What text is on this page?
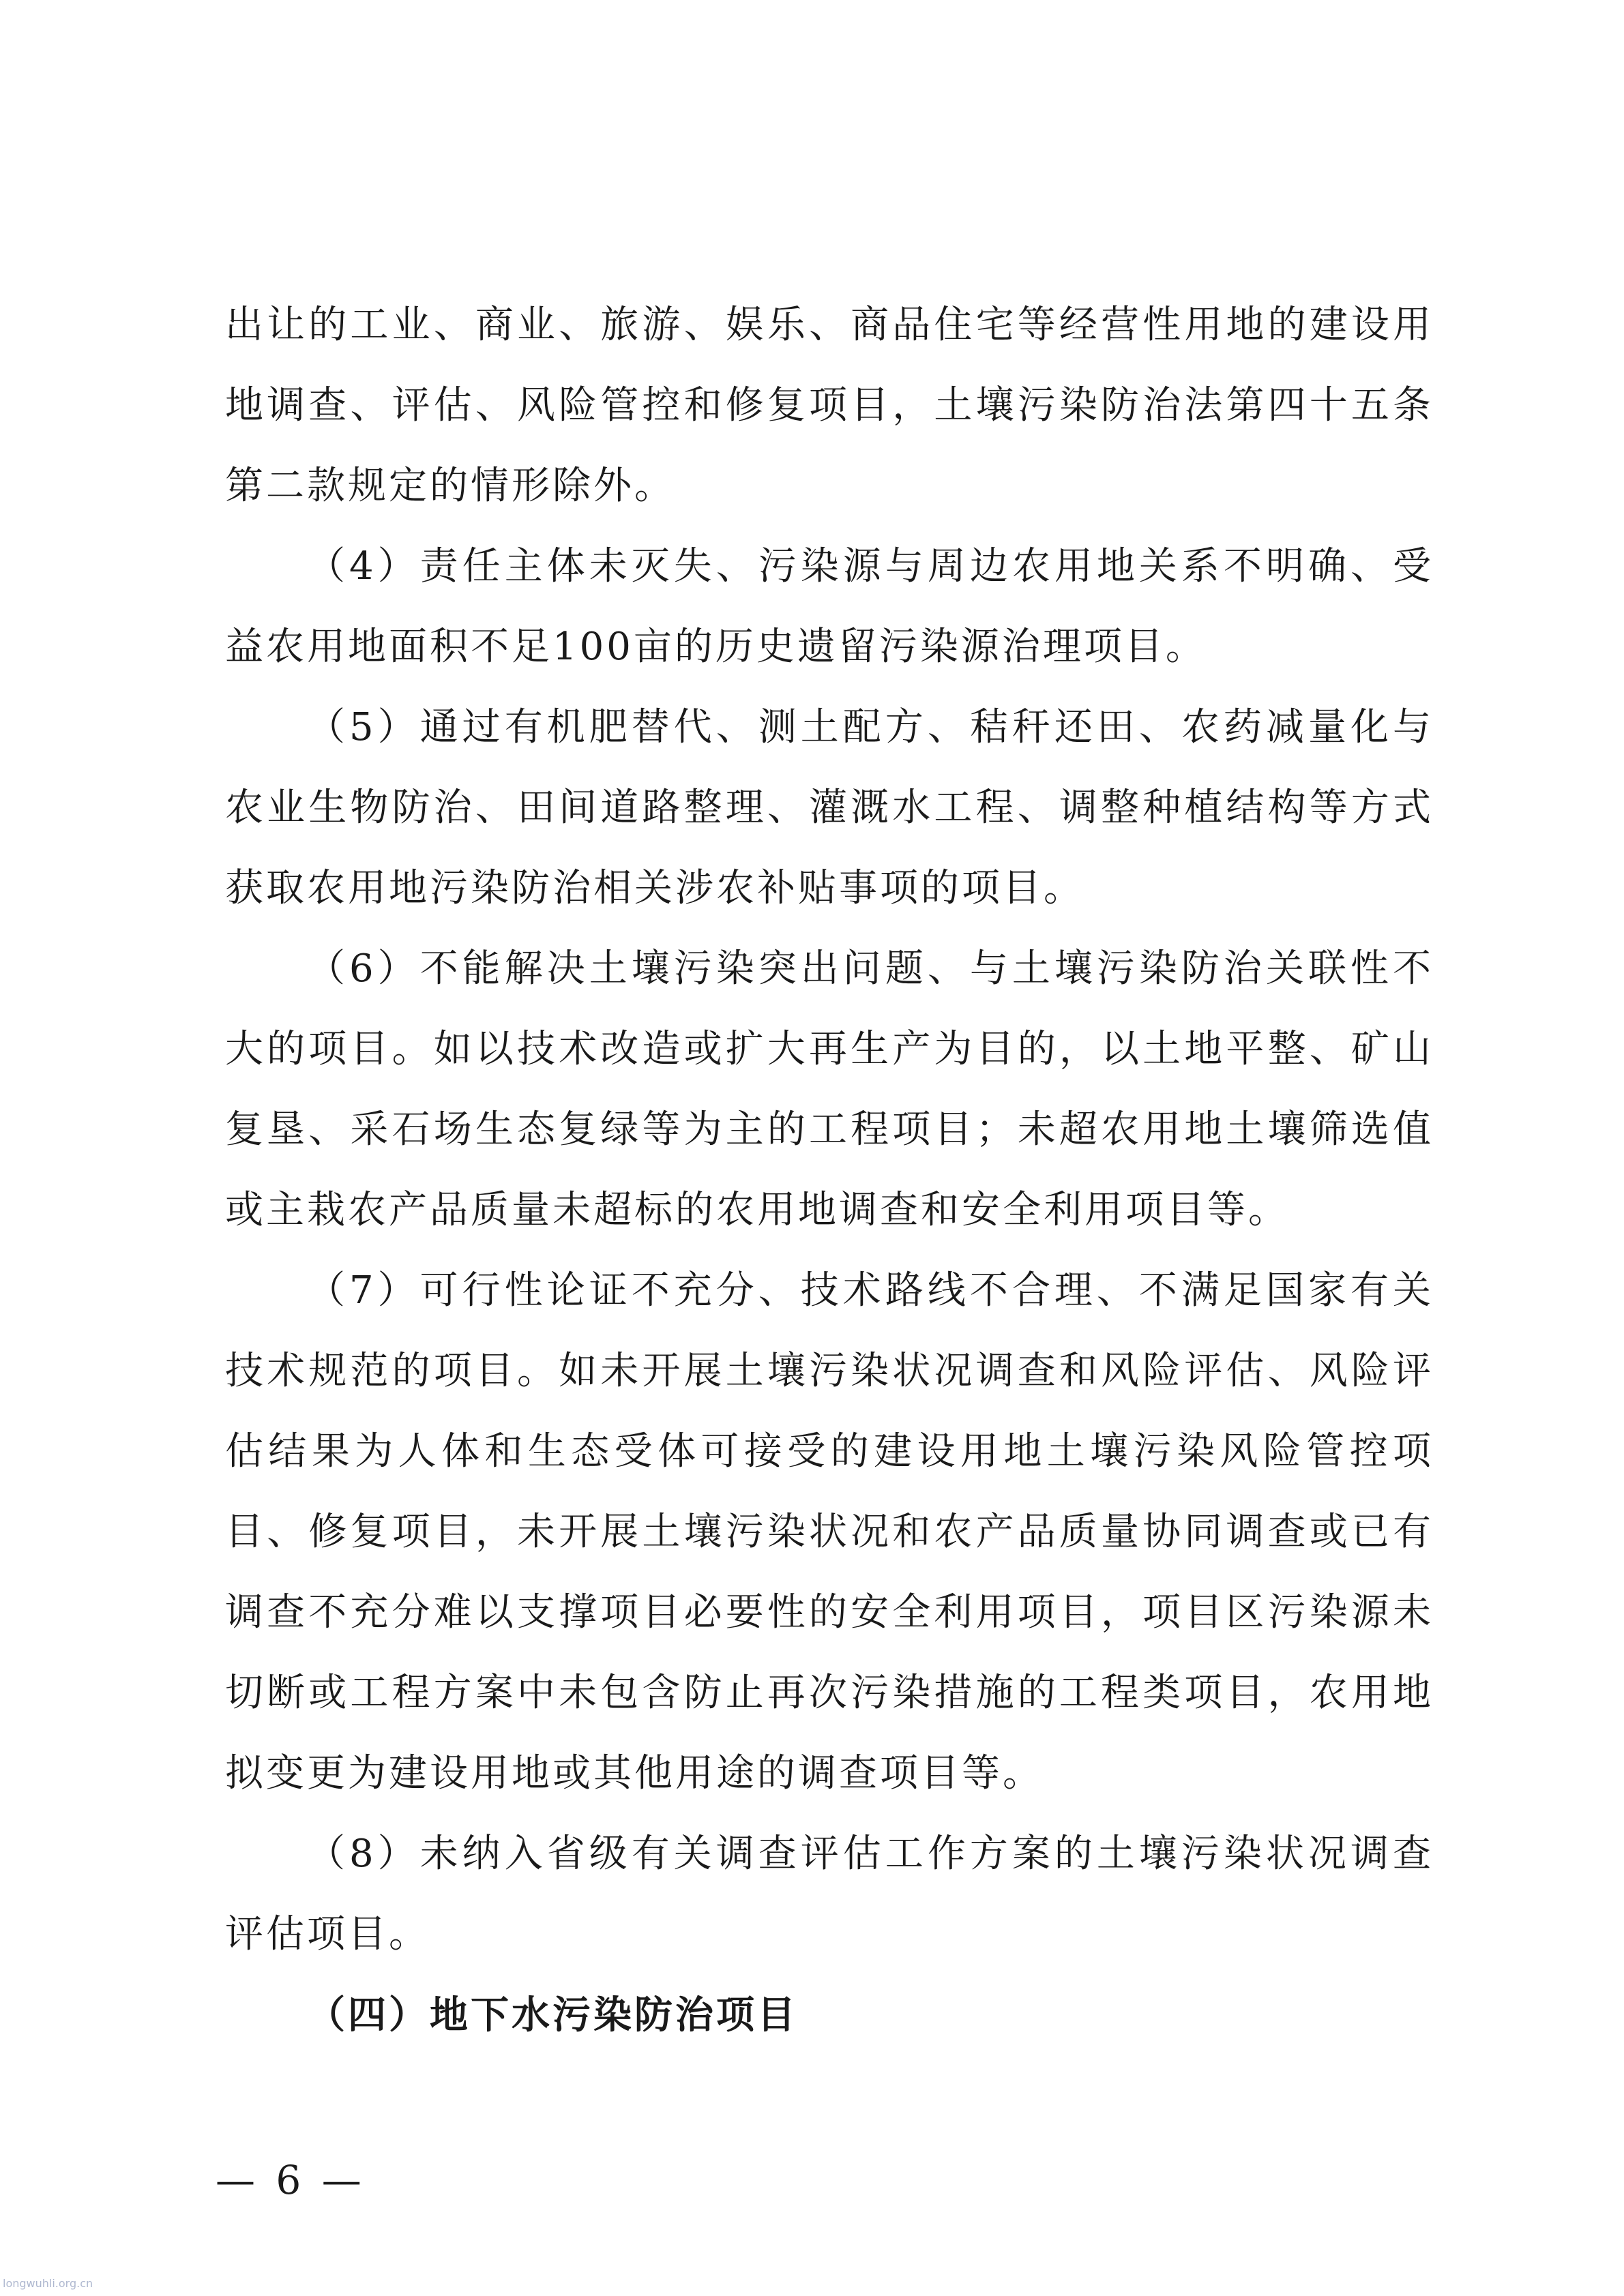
出让的工业、商业、旅游、娱乐、商品住宅等经营性用地的建设用地调查、评估、风险管控和修复项目，土壤污染防治法第四十五条第二款规定的情形除外。

（4）责任主体未灭失、污染源与周边农用地关系不明确、受益农用地面积不足100亩的历史遗留污染源治理项目。

（5）通过有机肥替代、测土配方、秸秆还田、农药减量化与农业生物防治、田间道路整理、灌溉水工程、调整种植结构等方式获取农用地污染防治相关涉农补贴事项的项目。

（6）不能解决土壤污染突出问题、与土壤污染防治关联性不大的项目。如以技术改造或扩大再生产为目的，以土地平整、矿山复垦、采石场生态复绿等为主的工程项目；未超农用地土壤筛选值或主栽农产品质量未超标的农用地调查和安全利用项目等。

（7）可行性论证不充分、技术路线不合理、不满足国家有关技术规范的项目。如未开展土壤污染状况调查和风险评估、风险评估结果为人体和生态受体可接受的建设用地土壤污染风险管控项目、修复项目，未开展土壤污染状况和农产品质量协同调查或已有调查不充分难以支撑项目必要性的安全利用项目，项目区污染源未切断或工程方案中未包含防止再次污染措施的工程类项目，农用地拟变更为建设用地或其他用途的调查项目等。

（8）未纳入省级有关调查评估工作方案的土壤污染状况调查评估项目。

（四）地下水污染防治项目

— 6 —
longwuhli.org.cn
